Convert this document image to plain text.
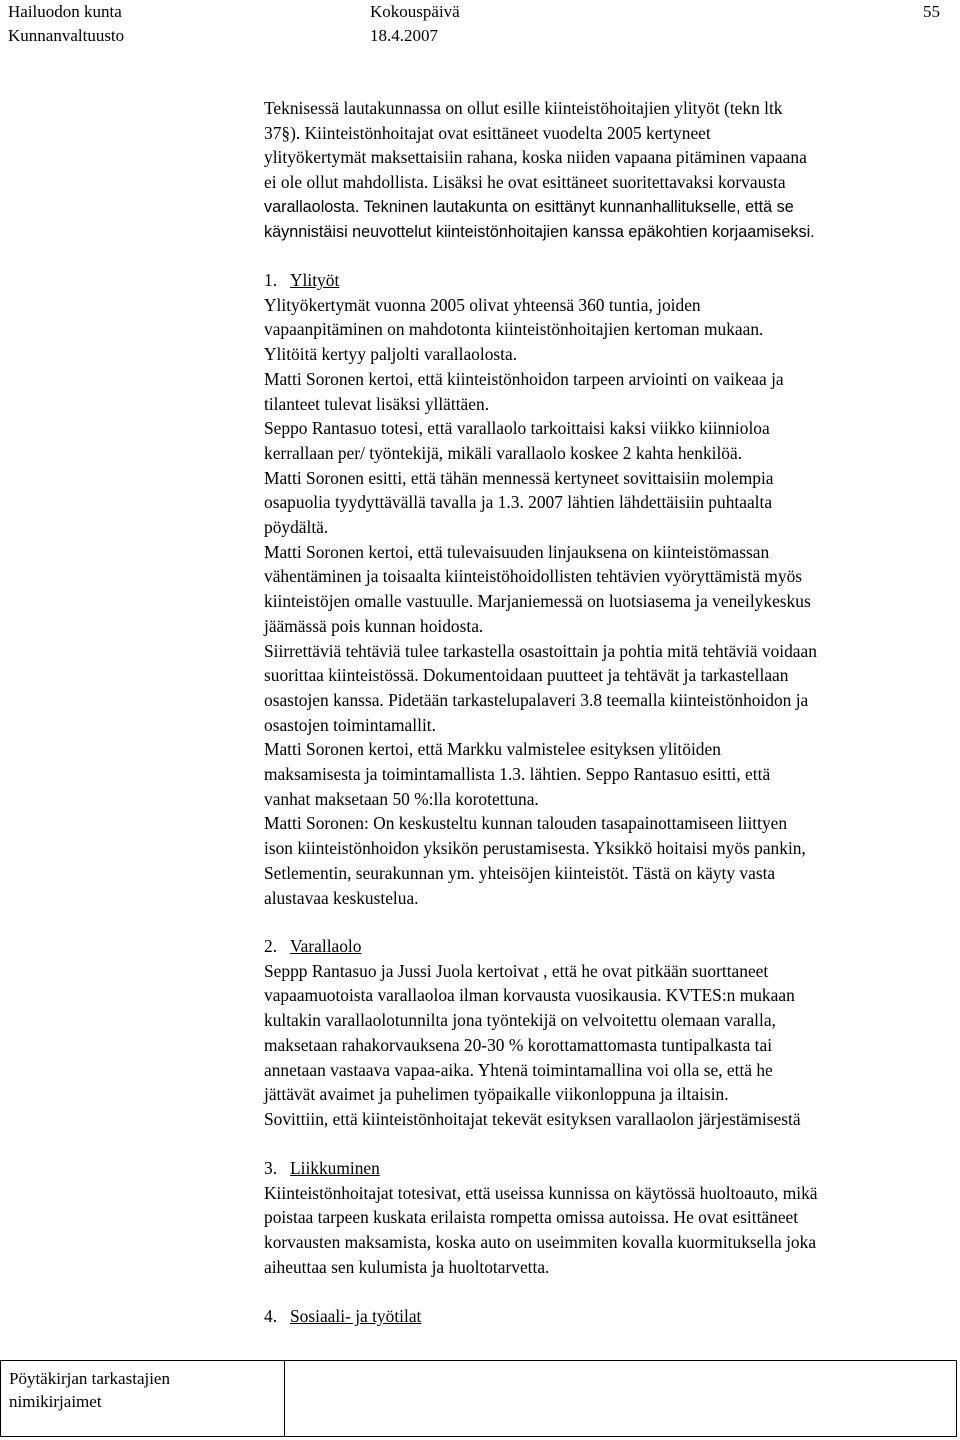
Hailuodon kunta
Kunnanvaltuusto
Kokouspäivä
18.4.2007
55
Teknisessä lautakunnassa on ollut esille kiinteistöhoitajien ylityöt (tekn ltk
37§). Kiinteistönhoitajat ovat esittäneet vuodelta 2005 kertyneet
ylityökertymät maksettaisiin rahana, koska niiden vapaana pitäminen vapaana
ei ole ollut mahdollista. Lisäksi he ovat esittäneet suoritettavaksi korvausta
varallaolosta. Tekninen lautakunta on esittänyt kunnanhallitukselle, että se
käynnistäisi neuvottelut kiinteistönhoitajien kanssa epäkohtien korjaamiseksi.
1. Ylityöt
Ylityökertymät vuonna 2005 olivat yhteensä 360 tuntia, joiden
vapaanpitäminen on mahdotonta kiinteistönhoitajien kertoman mukaan.
Ylitöitä kertyy paljolti varallaolosta.
Matti Soronen kertoi, että kiinteistönhoidon tarpeen arviointi on vaikeaa ja
tilanteet tulevat lisäksi yllättäen.
Seppo Rantasuo totesi, että varallaolo tarkoittaisi kaksi viikko kiinnioloa
kerrallaan per/ työntekijä, mikäli varallaolo koskee 2 kahta henkilöä.
Matti Soronen esitti, että tähän mennessä kertyneet sovittaisiin molempia
osapuolia tyydyttävällä tavalla ja 1.3. 2007 lähtien lähdettäisiin puhtaalta
pöydältä.
Matti Soronen kertoi, että tulevaisuuden linjauksena on kiinteistömassan
vähentäminen ja toisaalta kiinteistöhoidollisten tehtävien vyöryttämistä myös
kiinteistöjen omalle vastuulle. Marjaniemessä on luotsiasema ja veneilykeskus
jäämässä pois kunnan hoidosta.
Siirrettäviä tehtäviä tulee tarkastella osastoittain ja pohtia mitä tehtäviä voidaan
suorittaa kiinteistössä. Dokumentoidaan puutteet ja tehtävät ja tarkastellaan
osastojen kanssa. Pidetään tarkastelupalaveri 3.8 teemalla kiinteistönhoidon ja
osastojen toimintamallit.
Matti Soronen kertoi, että Markku valmistelee esityksen ylitöiden
maksamisesta ja toimintamallista 1.3. lähtien. Seppo Rantasuo esitti, että
vanhat maksetaan 50 %:lla korotettuna.
Matti Soronen: On keskusteltu kunnan talouden tasapainottamiseen liittyen
ison kiinteistönhoidon yksikön perustamisesta. Yksikkö hoitaisi myös pankin,
Setlementin, seurakunnan ym. yhteisöjen kiinteistöt. Tästä on käyty vasta
alustavaa keskustelua.
2. Varallaolo
Seppp Rantasuo ja Jussi Juola kertoivat , että he ovat pitkään suorttaneet
vapaamuotoista varallaoloa ilman korvausta vuosikausia. KVTES:n mukaan
kultakin varallaolotunnilta jona työntekijä on velvoitettu olemaan varalla,
maksetaan rahakorvauksena 20-30 % korottamattomasta tuntipalkasta tai
annetaan vastaava vapaa-aika. Yhtenä toimintamallina voi olla se, että he
jättävät avaimet ja puhelimen työpaikalle viikonloppuna ja iltaisin.
Sovittiin, että kiinteistönhoitajat tekevät esityksen varallaolon järjestämisestä
3. Liikkuminen
Kiinteistönhoitajat totesivat, että useissa kunnissa on käytössä huoltoauto, mikä
poistaa tarpeen kuskata erilaista rompetta omissa autoissa. He ovat esittäneet
korvausten maksamista, koska auto on useimmiten kovalla kuormituksella joka
aiheuttaa sen kulumista ja huoltotarvetta.
4. Sosiaali- ja työtilat
Pöytäkirjan tarkastajien
nimikirjaimet
